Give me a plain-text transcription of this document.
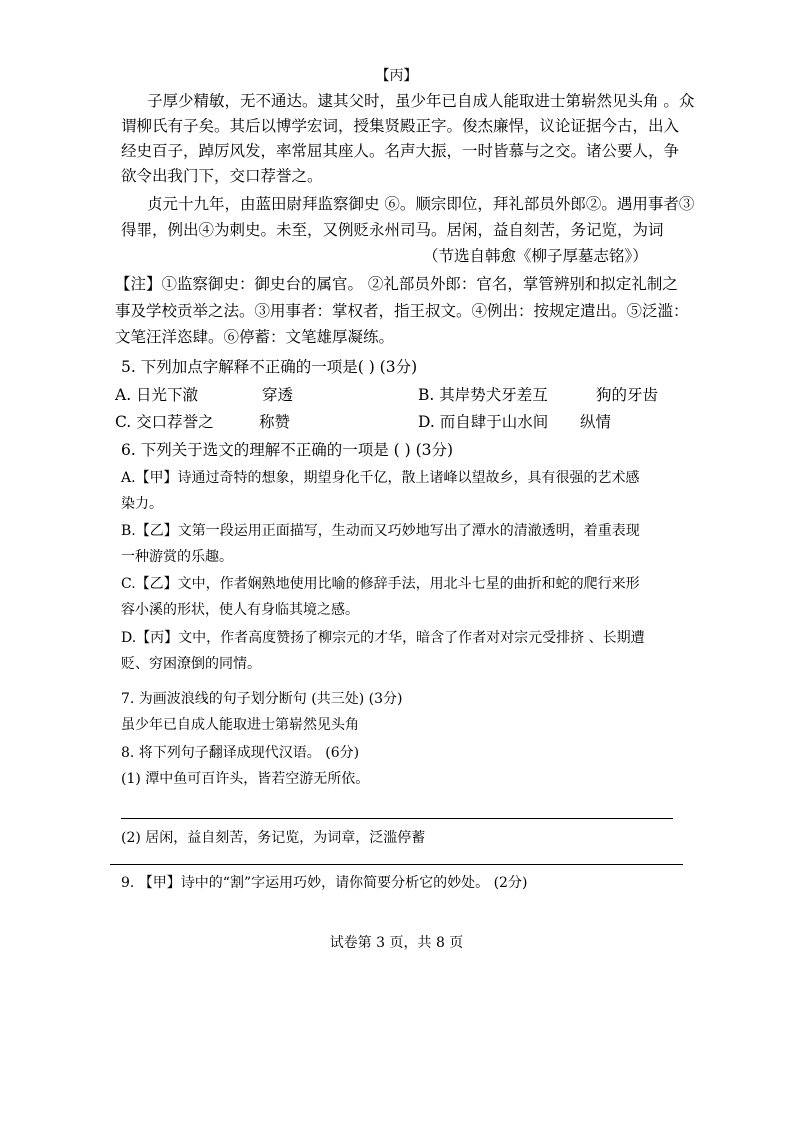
【丙】
子厚少精敏，无不通达。逮其父时，虽少年已自成人能取进士第崭然见头角 。众
谓柳氏有子矣。其后以博学宏词，授集贤殿正字。俊杰廉悍，议论证据今古，出入
经史百子，踔厉风发，率常屈其座人。名声大振，一时皆慕与之交。诸公要人，争
欲令出我门下，交口荐誉之。
贞元十九年，由蓝田尉拜监察御史 ⑥。顺宗即位，拜礼部员外郎②。遇用事者③
得罪，例出④为刺史。未至，又例贬永州司马。居闲，益自刻苦，务记览，为词
（节选自韩愈《柳子厚墓志铭》）
【注】①监察御史：御史台的属官。 ②礼部员外郎：官名，掌管辨别和拟定礼制之
事及学校贡举之法。③用事者：掌权者，指王叔文。④例出：按规定遣出。⑤泛滥：
文笔汪洋恣肆。⑥停蓄：文笔雄厚凝练。
5. 下列加点字解释不正确的一项是( ) (3分)
A. 日光下澈	穿透	B. 其岸势犬牙差互	狗的牙齿
C. 交口荐誉之	称赞	D. 而自肆于山水间 纵情
6. 下列关于选文的理解不正确的一项是 ( ) (3分)
A.【甲】诗通过奇特的想象，期望身化千亿，散上诸峰以望故乡，具有很强的艺术感
染力。
B.【乙】文第一段运用正面描写，生动而又巧妙地写出了潭水的清澈透明，着重表现
一种游赏的乐趣。
C.【乙】文中，作者娴熟地使用比喻的修辞手法，用北斗七星的曲折和蛇的爬行来形
容小溪的形状，使人有身临其境之感。
D.【丙】文中，作者高度赞扬了柳宗元的才华，暗含了作者对对宗元受排挤 、长期遭
贬、穷困潦倒的同情。
7. 为画波浪线的句子划分断句 (共三处) (3分)
虽少年已自成人能取进士第崭然见头角
8. 将下列句子翻译成现代汉语。 (6分)
(1) 潭中鱼可百许头，皆若空游无所依。
(2) 居闲，益自刻苦，务记览，为词章，泛滥停蓄
9. 【甲】诗中的“割”字运用巧妙，请你简要分析它的妙处。 (2分)
试卷第 3 页，共 8 页
